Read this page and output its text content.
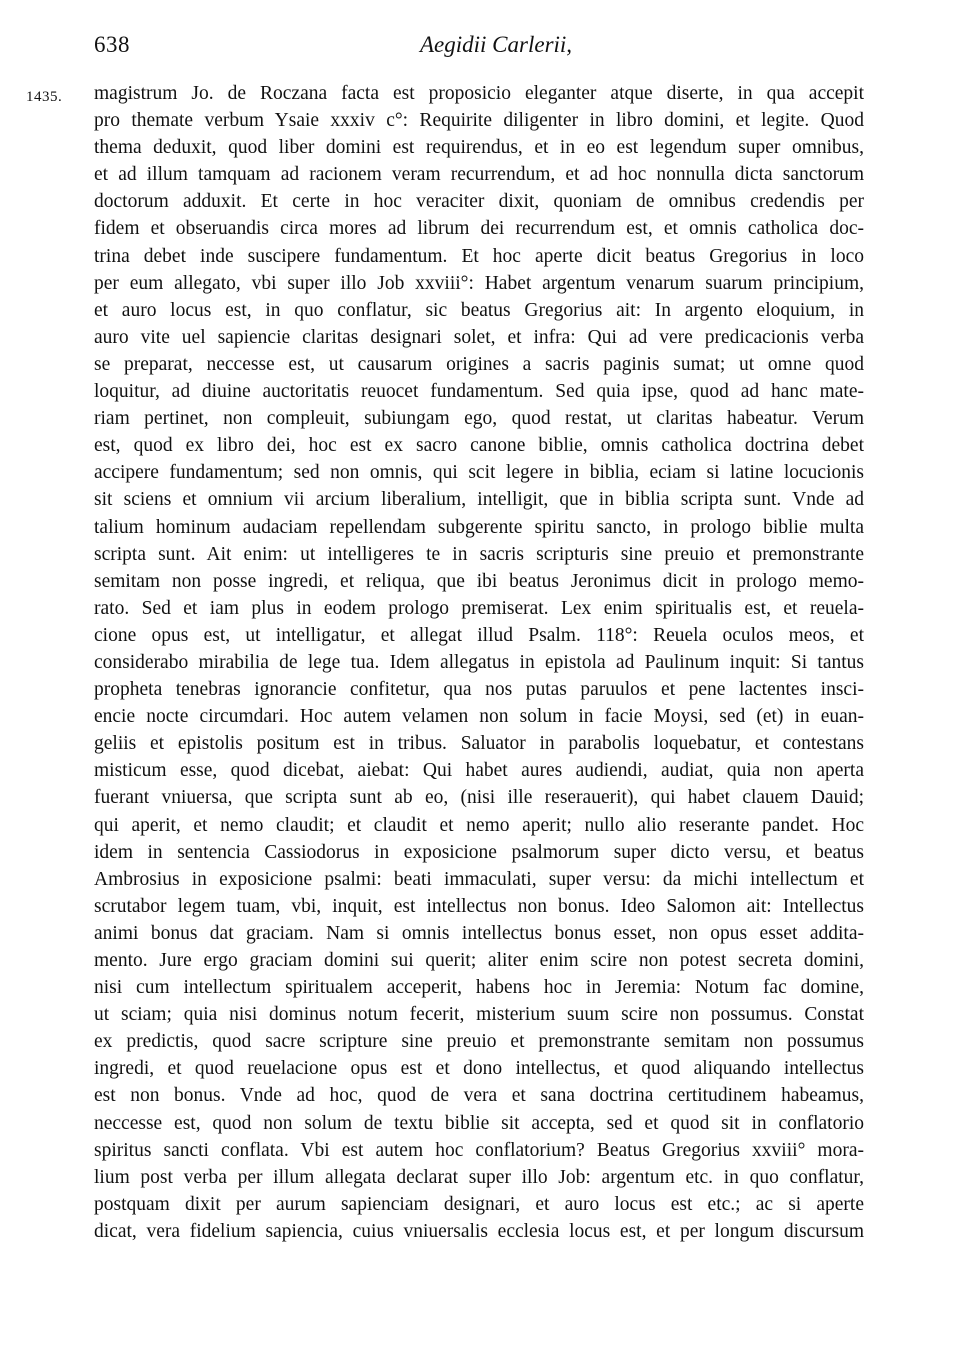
638	Aegidii Carlerii,
1435. magistrum Jo. de Roczana facta est proposicio eleganter atque diserte, in qua accepit
pro themate verbum Ysaie xxxiv c°: Requirite diligenter in libro domini, et legite. Quod
thema deduxit, quod liber domini est requirendus, et in eo est legendum super omnibus,
et ad illum tamquam ad racionem veram recurrendum, et ad hoc nonnulla dicta sanctorum
doctorum adduxit. Et certe in hoc veraciter dixit, quoniam de omnibus credendis per
fidem et obseruandis circa mores ad librum dei recurrendum est, et omnis catholica doc-
trina debet inde suscipere fundamentum. Et hoc aperte dicit beatus Gregorius in loco
per eum allegato, vbi super illo Job xxviii°: Habet argentum venarum suarum principium,
et auro locus est, in quo conflatur, sic beatus Gregorius ait: In argento eloquium, in
auro vite uel sapiencie claritas designari solet, et infra: Qui ad vere predicacionis verba
se preparat, neccesse est, ut causarum origines a sacris paginis sumat; ut omne quod
loquitur, ad diuine auctoritatis reuocet fundamentum. Sed quia ipse, quod ad hanc mate-
riam pertinet, non compleuit, subiungam ego, quod restat, ut claritas habeatur. Verum
est, quod ex libro dei, hoc est ex sacro canone biblie, omnis catholica doctrina debet
accipere fundamentum; sed non omnis, qui scit legere in biblia, eciam si latine locucionis
sit sciens et omnium vii arcium liberalium, intelligit, que in biblia scripta sunt. Vnde ad
talium hominum audaciam repellendam subgerente spiritu sancto, in prologo biblie multa
scripta sunt. Ait enim: ut intelligeres te in sacris scripturis sine preuio et premonstrante
semitam non posse ingredi, et reliqua, que ibi beatus Jeronimus dicit in prologo memo-
rato. Sed et iam plus in eodem prologo premiserat. Lex enim spiritualis est, et reuela-
cione opus est, ut intelligatur, et allegat illud Psalm. 118°: Reuela oculos meos, et
considerabo mirabilia de lege tua. Idem allegatus in epistola ad Paulinum inquit: Si tantus
propheta tenebras ignorancie confitetur, qua nos putas paruulos et pene lactentes insci-
encie nocte circumdari. Hoc autem velamen non solum in facie Moysi, sed (et) in euan-
geliis et epistolis positum est in tribus. Saluator in parabolis loquebatur, et contestans
misticum esse, quod dicebat, aiebat: Qui habet aures audiendi, audiat, quia non aperta
fuerant vniuersa, que scripta sunt ab eo, (nisi ille reserauerit), qui habet clauem Dauid;
qui aperit, et nemo claudit; et claudit et nemo aperit; nullo alio reserante pandet. Hoc
idem in sentencia Cassiodorus in exposicione psalmorum super dicto versu, et beatus
Ambrosius in exposicione psalmi: beati immaculati, super versu: da michi intellectum et
scrutabor legem tuam, vbi, inquit, est intellectus non bonus. Ideo Salomon ait: Intellectus
animi bonus dat graciam. Nam si omnis intellectus bonus esset, non opus esset addita-
mento. Jure ergo graciam domini sui querit; aliter enim scire non potest secreta domini,
nisi cum intellectum spiritualem acceperit, habens hoc in Jeremia: Notum fac domine,
ut sciam; quia nisi dominus notum fecerit, misterium suum scire non possumus. Constat
ex predictis, quod sacre scripture sine preuio et premonstrante semitam non possumus
ingredi, et quod reuelacione opus est et dono intellectus, et quod aliquando intellectus
est non bonus. Vnde ad hoc, quod de vera et sana doctrina certitudinem habeamus,
neccesse est, quod non solum de textu biblie sit accepta, sed et quod sit in conflatorio
spiritus sancti conflata. Vbi est autem hoc conflatorium? Beatus Gregorius xxviii° mora-
lium post verba per illum allegata declarat super illo Job: argentum etc. in quo conflatur,
postquam dixit per aurum sapienciam designari, et auro locus est etc.; ac si aperte
dicat, vera fidelium sapiencia, cuius vniuersalis ecclesia locus est, et per longum discursum
